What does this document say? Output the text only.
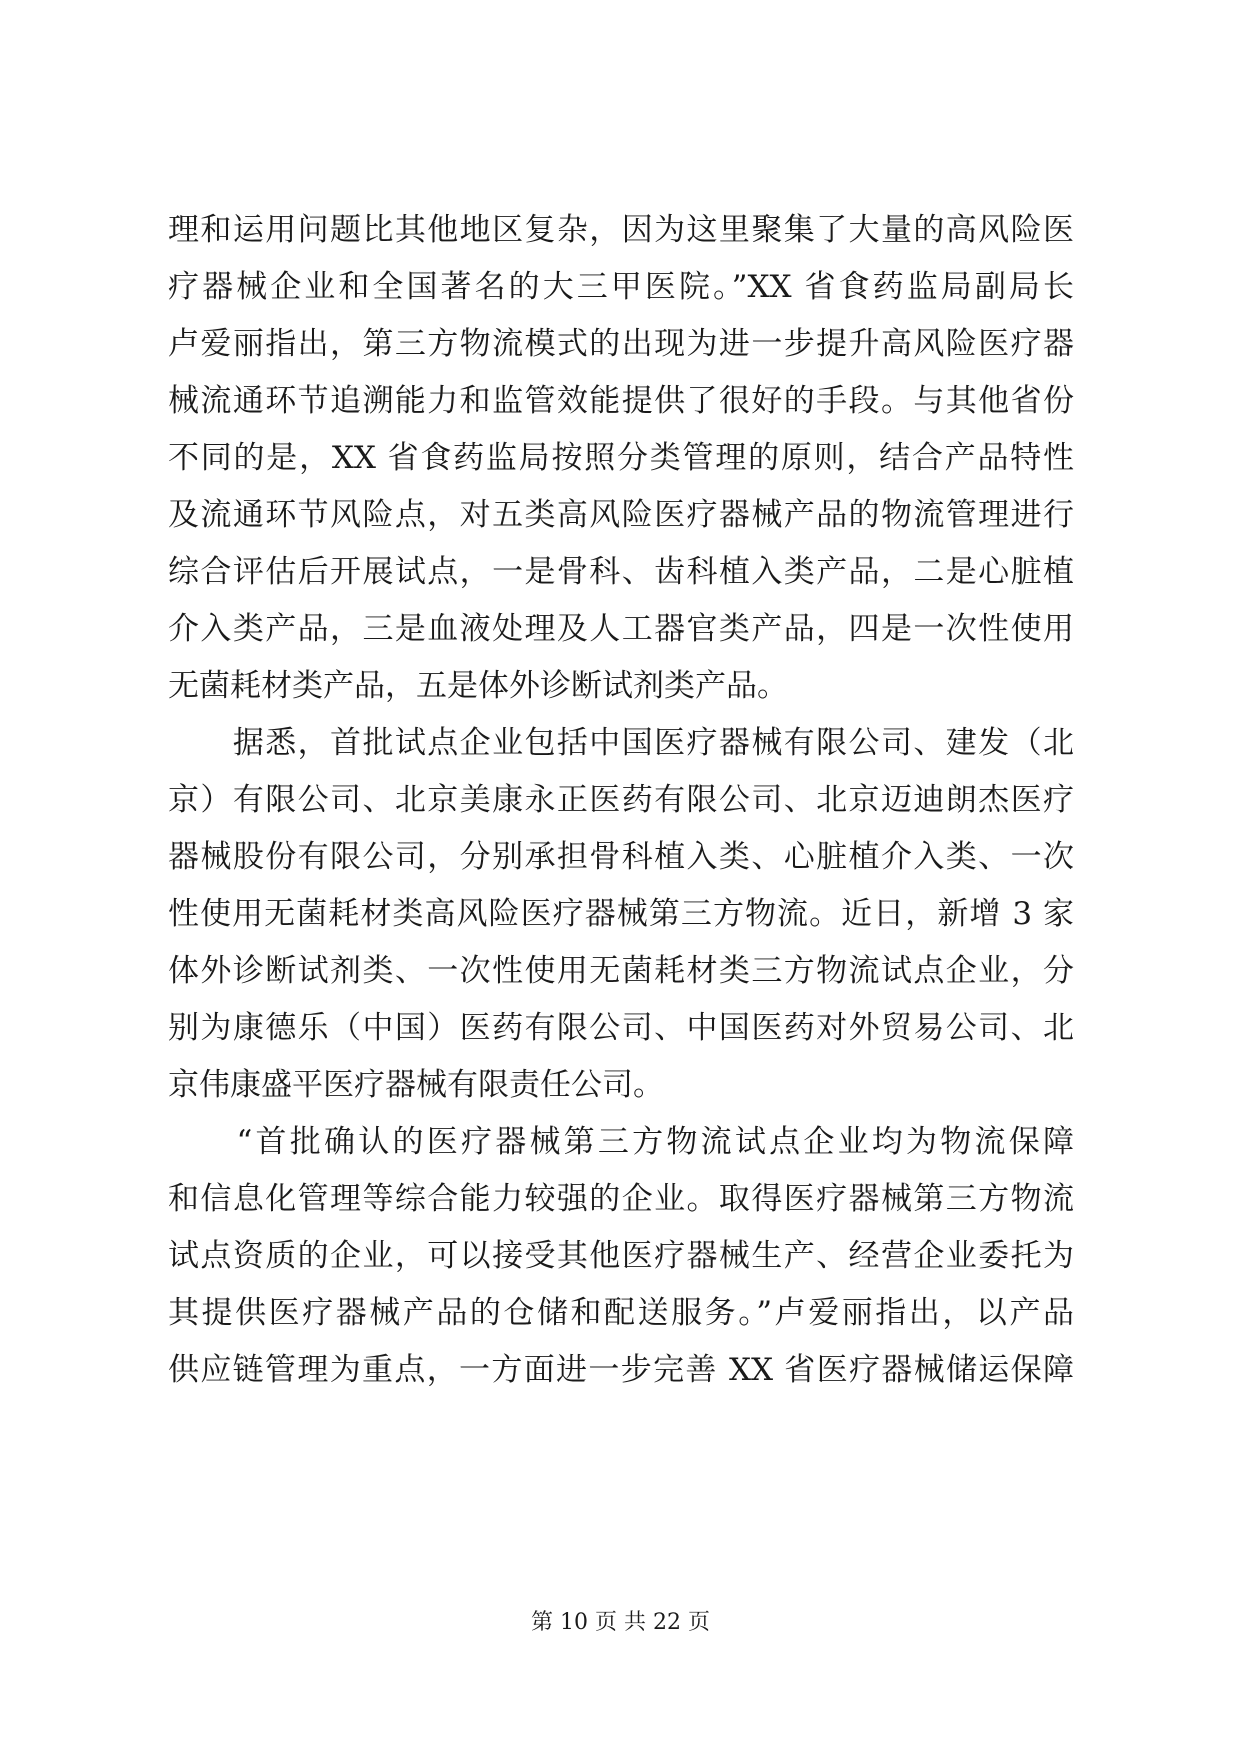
理和运用问题比其他地区复杂，因为这里聚集了大量的高风险医
疗器械企业和全国著名的大三甲医院。”XX 省食药监局副局长
卢爱丽指出，第三方物流模式的出现为进一步提升高风险医疗器
械流通环节追溯能力和监管效能提供了很好的手段。与其他省份
不同的是，XX 省食药监局按照分类管理的原则，结合产品特性
及流通环节风险点，对五类高风险医疗器械产品的物流管理进行
综合评估后开展试点，一是骨科、齿科植入类产品，二是心脏植
介入类产品，三是血液处理及人工器官类产品，四是一次性使用
无菌耗材类产品，五是体外诊断试剂类产品。
　　据悉，首批试点企业包括中国医疗器械有限公司、建发（北
京）有限公司、北京美康永正医药有限公司、北京迈迪朗杰医疗
器械股份有限公司，分别承担骨科植入类、心脏植介入类、一次
性使用无菌耗材类高风险医疗器械第三方物流。近日，新增 3 家
体外诊断试剂类、一次性使用无菌耗材类三方物流试点企业，分
别为康德乐（中国）医药有限公司、中国医药对外贸易公司、北
京伟康盛平医疗器械有限责任公司。
　　“首批确认的医疗器械第三方物流试点企业均为物流保障
和信息化管理等综合能力较强的企业。取得医疗器械第三方物流
试点资质的企业，可以接受其他医疗器械生产、经营企业委托为
其提供医疗器械产品的仓储和配送服务。”卢爱丽指出，以产品
供应链管理为重点，一方面进一步完善 XX 省医疗器械储运保障
第 10 页 共 22 页
